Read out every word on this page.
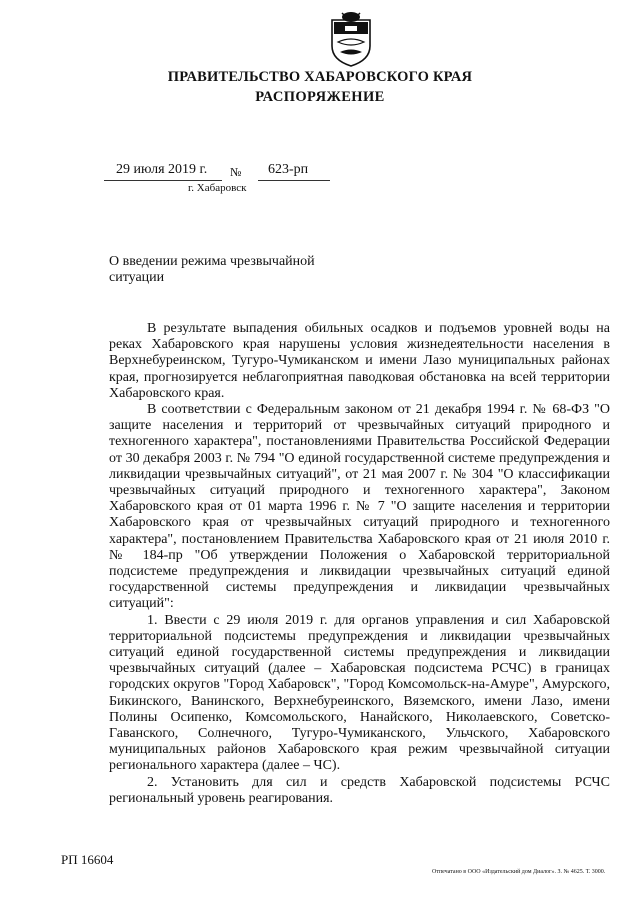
ПРАВИТЕЛЬСТВО ХАБАРОВСКОГО КРАЯ
РАСПОРЯЖЕНИЕ
29 июля 2019 г. № 623-рп
г. Хабаровск
О введении режима чрезвычайной ситуации

В результате выпадения обильных осадков и подъемов уровней воды на реках Хабаровского края нарушены условия жизнедеятельности населения в Верхнебуреинском, Тугуро-Чумиканском и имени Лазо муниципальных районах края, прогнозируется неблагоприятная паводковая обстановка на всей территории Хабаровского края.

В соответствии с Федеральным законом от 21 декабря 1994 г. № 68-ФЗ "О защите населения и территорий от чрезвычайных ситуаций природного и техногенного характера", постановлениями Правительства Российской Федерации от 30 декабря 2003 г. № 794 "О единой государственной системе предупреждения и ликвидации чрезвычайных ситуаций", от 21 мая 2007 г. № 304 "О классификации чрезвычайных ситуаций природного и техногенного характера", Законом Хабаровского края от 01 марта 1996 г. № 7 "О защите населения и территории Хабаровского края от чрезвычайных ситуаций природного и техногенного характера", постановлением Правительства Хабаровского края от 21 июля 2010 г. № 184-пр "Об утверждении Положения о Хабаровской территориальной подсистеме предупреждения и ликвидации чрезвычайных ситуаций единой государственной системы предупреждения и ликвидации чрезвычайных ситуаций":

1. Ввести с 29 июля 2019 г. для органов управления и сил Хабаровской территориальной подсистемы предупреждения и ликвидации чрезвычайных ситуаций единой государственной системы предупреждения и ликвидации чрезвычайных ситуаций (далее – Хабаровская подсистема РСЧС) в границах городских округов "Город Хабаровск", "Город Комсомольск-на-Амуре", Амурского, Бикинского, Ванинского, Верхнебуреинского, Вяземского, имени Лазо, имени Полины Осипенко, Комсомольского, Нанайского, Николаевского, Советско-Гаванского, Солнечного, Тугуро-Чумиканского, Ульчского, Хабаровского муниципальных районов Хабаровского края режим чрезвычайной ситуации регионального характера (далее – ЧС).

2. Установить для сил и средств Хабаровской подсистемы РСЧС региональный уровень реагирования.

РП 16604
Отпечатано в ООО «Издательский дом Диалог». З. № 4625. Т. 3000.
